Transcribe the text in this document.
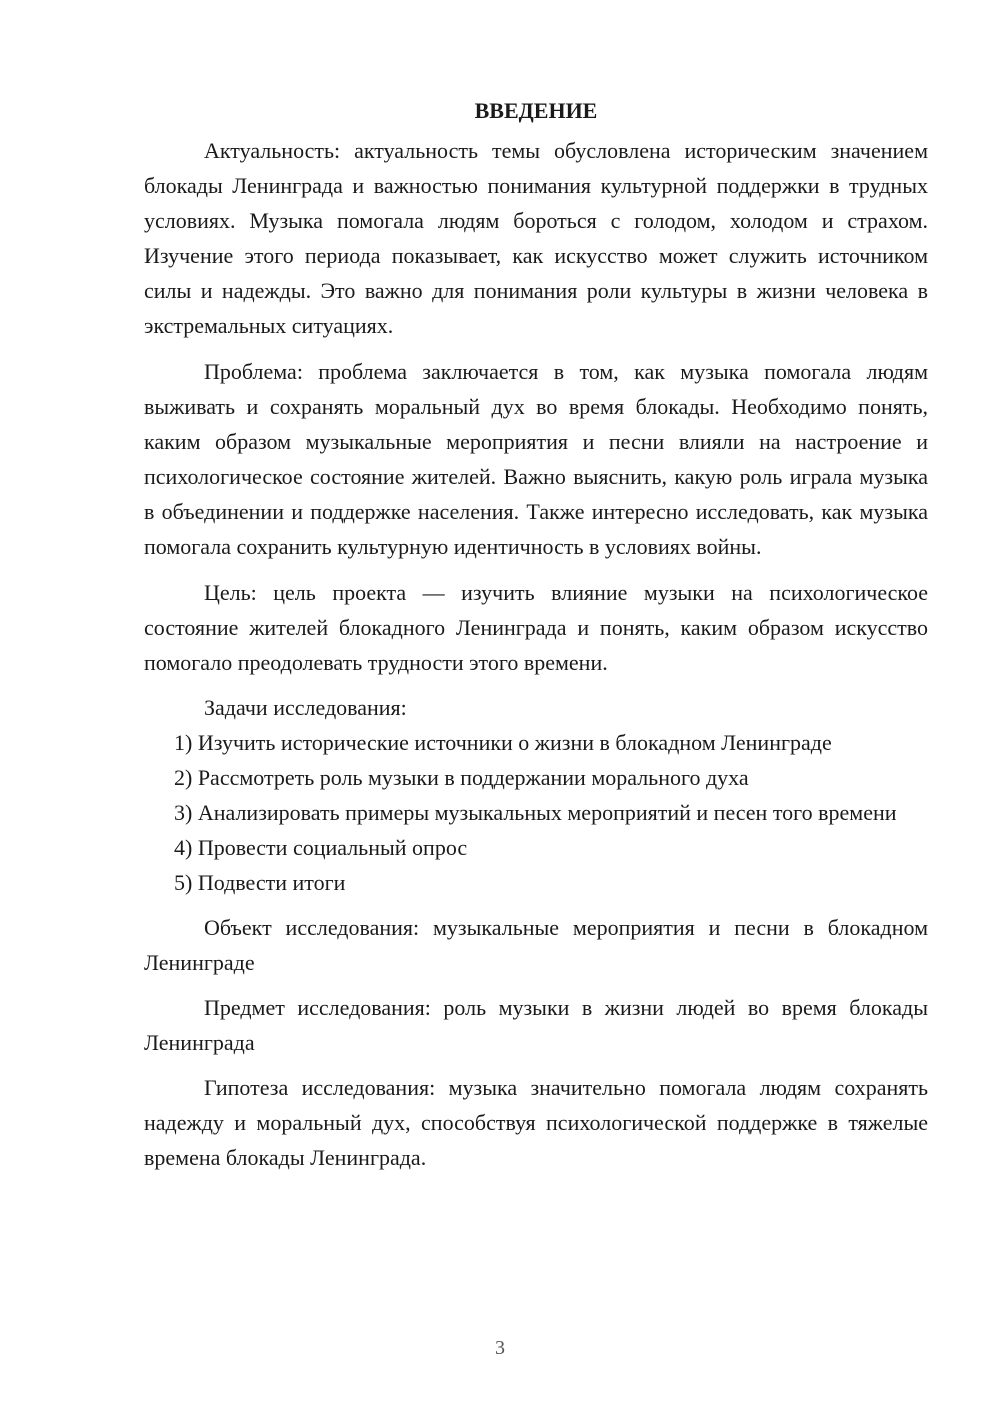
ВВЕДЕНИЕ

Актуальность: актуальность темы обусловлена историческим значением блокады Ленинграда и важностью понимания культурной поддержки в трудных условиях. Музыка помогала людям бороться с голодом, холодом и страхом. Изучение этого периода показывает, как искусство может служить источником силы и надежды. Это важно для понимания роли культуры в жизни человека в экстремальных ситуациях.

Проблема: проблема заключается в том, как музыка помогала людям выживать и сохранять моральный дух во время блокады. Необходимо понять, каким образом музыкальные мероприятия и песни влияли на настроение и психологическое состояние жителей. Важно выяснить, какую роль играла музыка в объединении и поддержке населения. Также интересно исследовать, как музыка помогала сохранить культурную идентичность в условиях войны.

Цель: цель проекта — изучить влияние музыки на психологическое состояние жителей блокадного Ленинграда и понять, каким образом искусство помогало преодолевать трудности этого времени.

Задачи исследования:

1) Изучить исторические источники о жизни в блокадном Ленинграде

2) Рассмотреть роль музыки в поддержании морального духа

3) Анализировать примеры музыкальных мероприятий и песен того времени

4) Провести социальный опрос

5) Подвести итоги

Объект исследования: музыкальные мероприятия и песни в блокадном Ленинграде

Предмет исследования: роль музыки в жизни людей во время блокады Ленинграда

Гипотеза исследования: музыка значительно помогала людям сохранять надежду и моральный дух, способствуя психологической поддержке в тяжелые времена блокады Ленинграда.

3
